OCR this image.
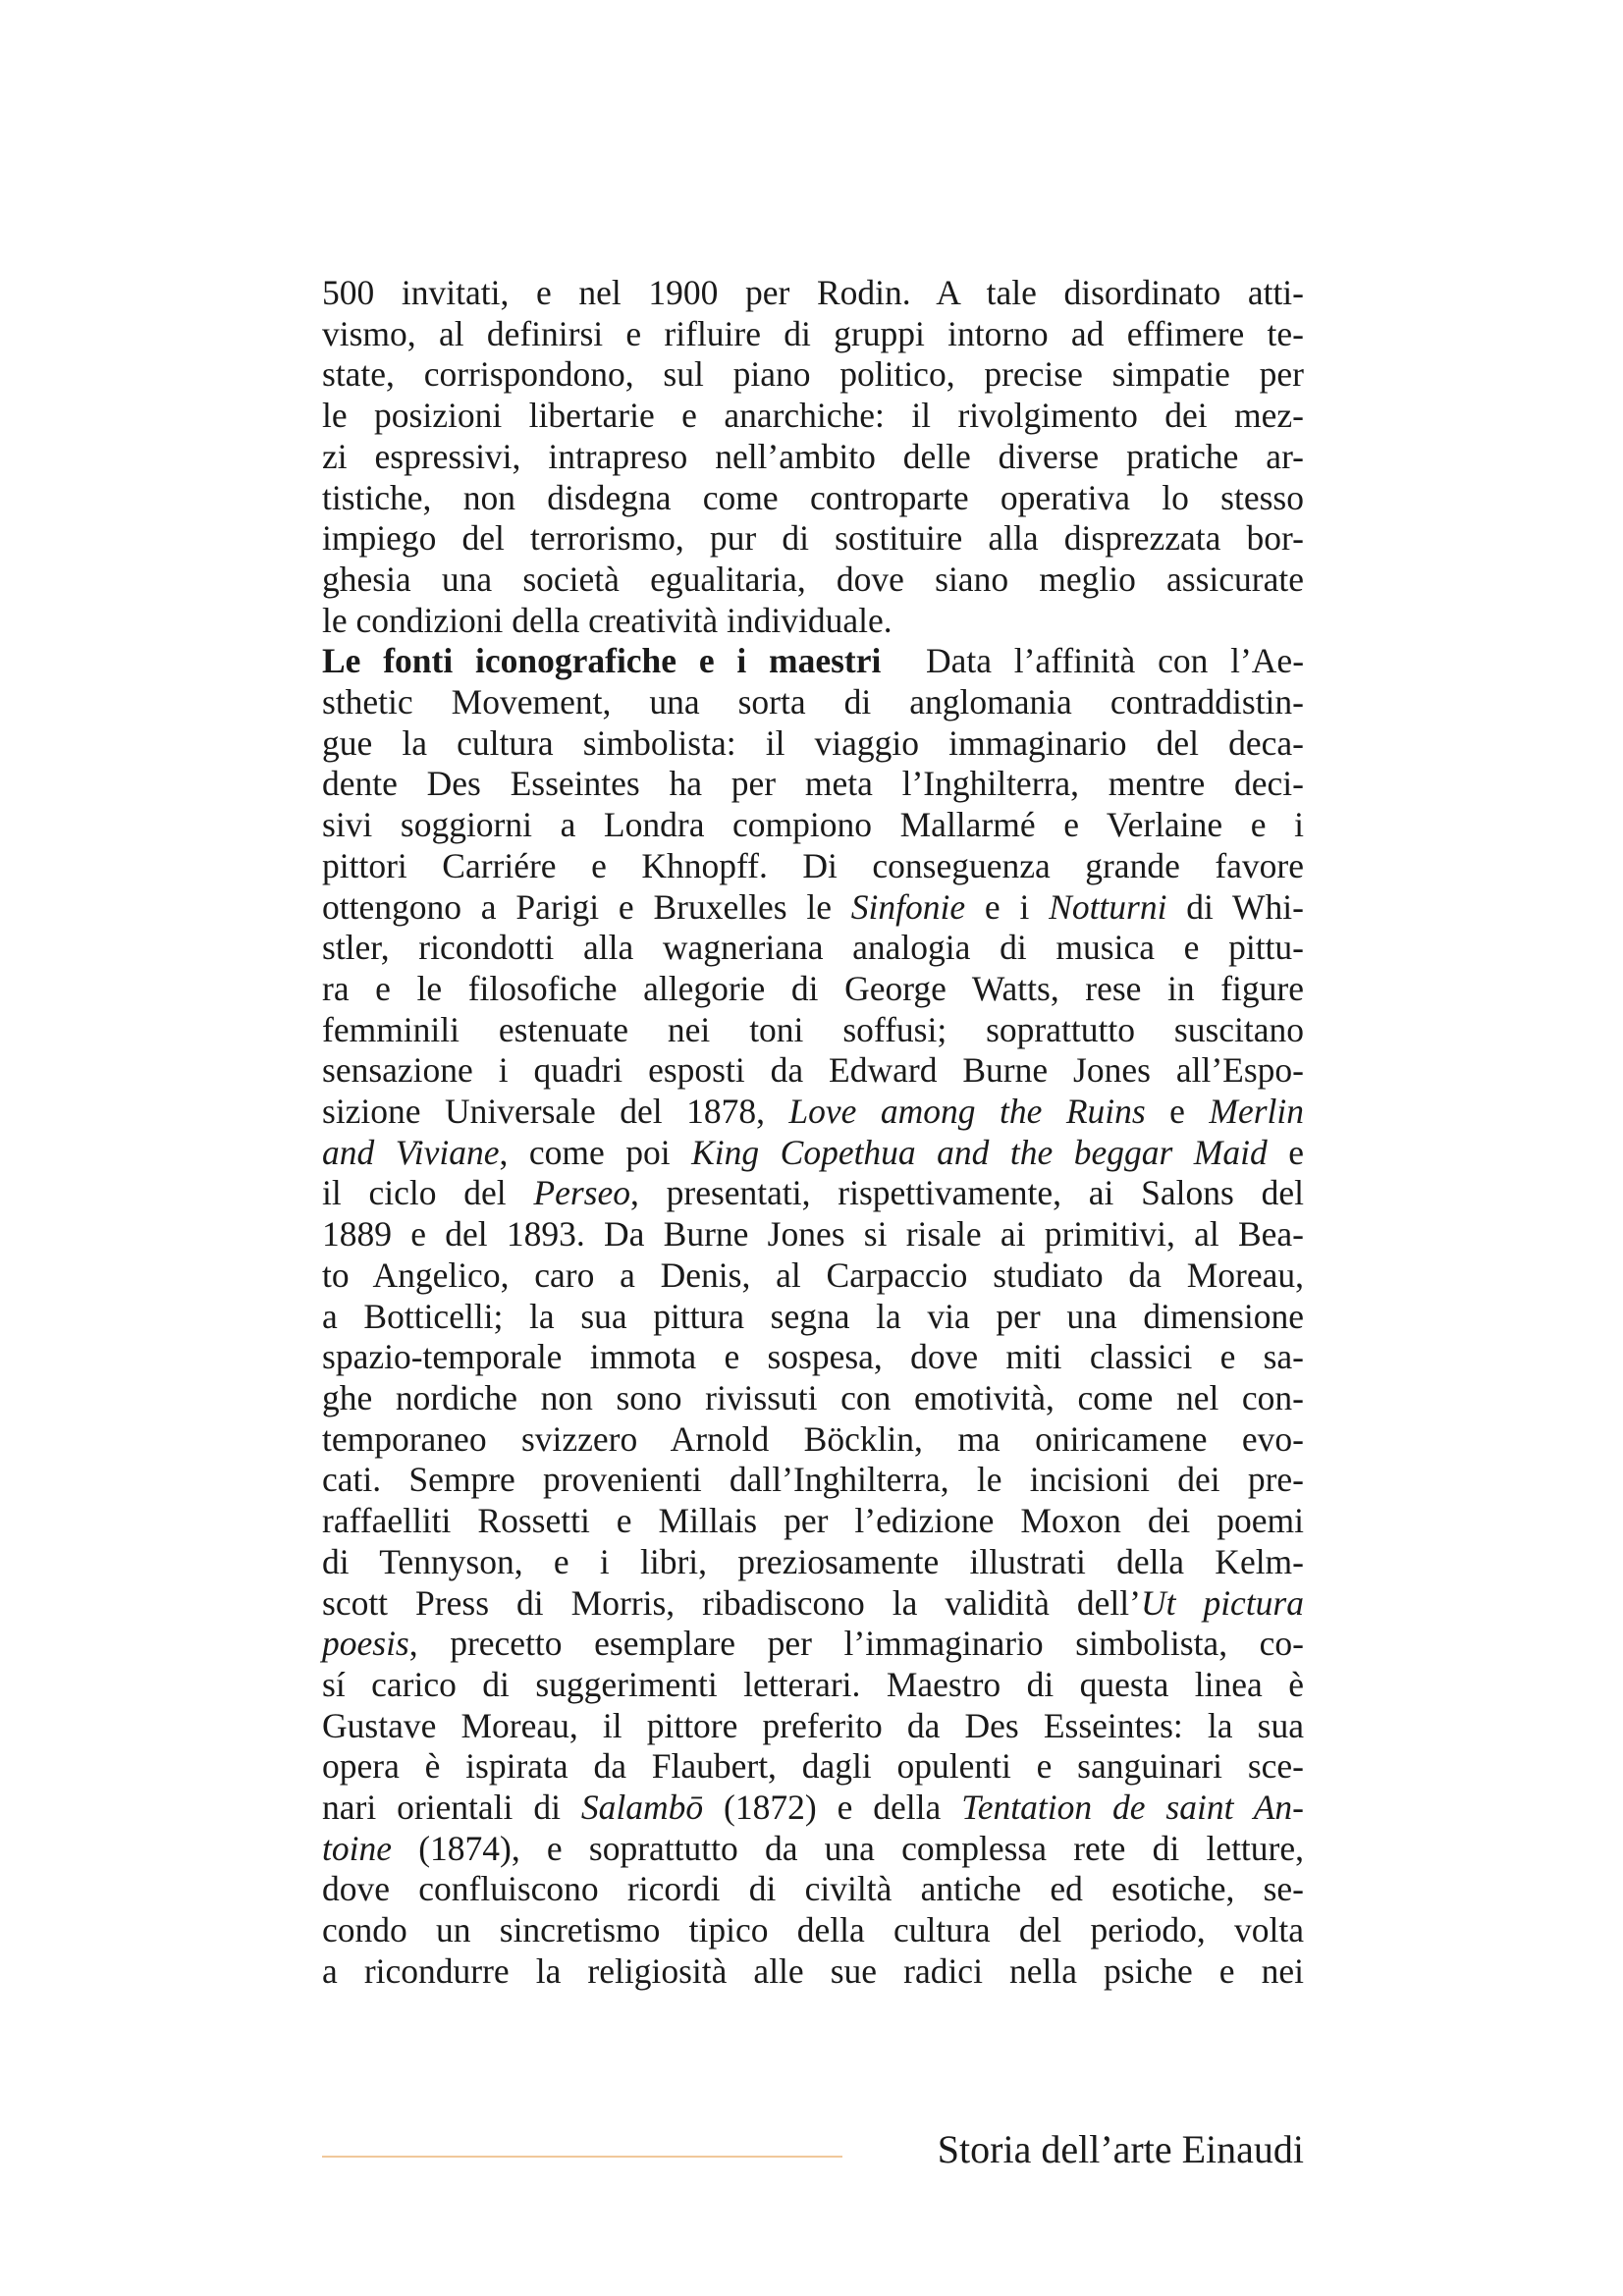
500 invitati, e nel 1900 per Rodin. A tale disordinato atti-
vismo, al definirsi e rifluire di gruppi intorno ad effimere te-
state, corrispondono, sul piano politico, precise simpatie per
le posizioni libertarie e anarchiche: il rivolgimento dei mez-
zi espressivi, intrapreso nell’ambito delle diverse pratiche ar-
tistiche, non disdegna come controparte operativa lo stesso
impiego del terrorismo, pur di sostituire alla disprezzata bor-
ghesia una società egualitaria, dove siano meglio assicurate
le condizioni della creatività individuale.
Le fonti iconografiche e i maestri Data l’affinità con l’Ae-
sthetic Movement, una sorta di anglomania contraddistin-
gue la cultura simbolista: il viaggio immaginario del deca-
dente Des Esseintes ha per meta l’Inghilterra, mentre deci-
sivi soggiorni a Londra compiono Mallarmé e Verlaine e i
pittori Carriére e Khnopff. Di conseguenza grande favore
ottengono a Parigi e Bruxelles le Sinfonie e i Notturni di Whi-
stler, ricondotti alla wagneriana analogia di musica e pittu-
ra e le filosofiche allegorie di George Watts, rese in figure
femminili estenuate nei toni soffusi; soprattutto suscitano
sensazione i quadri esposti da Edward Burne Jones all’Espo-
sizione Universale del 1878, Love among the Ruins e Merlin
and Viviane, come poi King Copethua and the beggar Maid e
il ciclo del Perseo, presentati, rispettivamente, ai Salons del
1889 e del 1893. Da Burne Jones si risale ai primitivi, al Bea-
to Angelico, caro a Denis, al Carpaccio studiato da Moreau,
a Botticelli; la sua pittura segna la via per una dimensione
spazio-temporale immota e sospesa, dove miti classici e sa-
ghe nordiche non sono rivissuti con emotività, come nel con-
temporaneo svizzero Arnold Böcklin, ma oniricamene evo-
cati. Sempre provenienti dall’Inghilterra, le incisioni dei pre-
raffaelliti Rossetti e Millais per l’edizione Moxon dei poemi
di Tennyson, e i libri, preziosamente illustrati della Kelm-
scott Press di Morris, ribadiscono la validità dell’Ut pictura
poesis, precetto esemplare per l’immaginario simbolista, co-
sí carico di suggerimenti letterari. Maestro di questa linea è
Gustave Moreau, il pittore preferito da Des Esseintes: la sua
opera è ispirata da Flaubert, dagli opulenti e sanguinari sce-
nari orientali di Salambō (1872) e della Tentation de saint An-
toine (1874), e soprattutto da una complessa rete di letture,
dove confluiscono ricordi di civiltà antiche ed esotiche, se-
condo un sincretismo tipico della cultura del periodo, volta
a ricondurre la religiosità alle sue radici nella psiche e nei
Storia dell’arte Einaudi
